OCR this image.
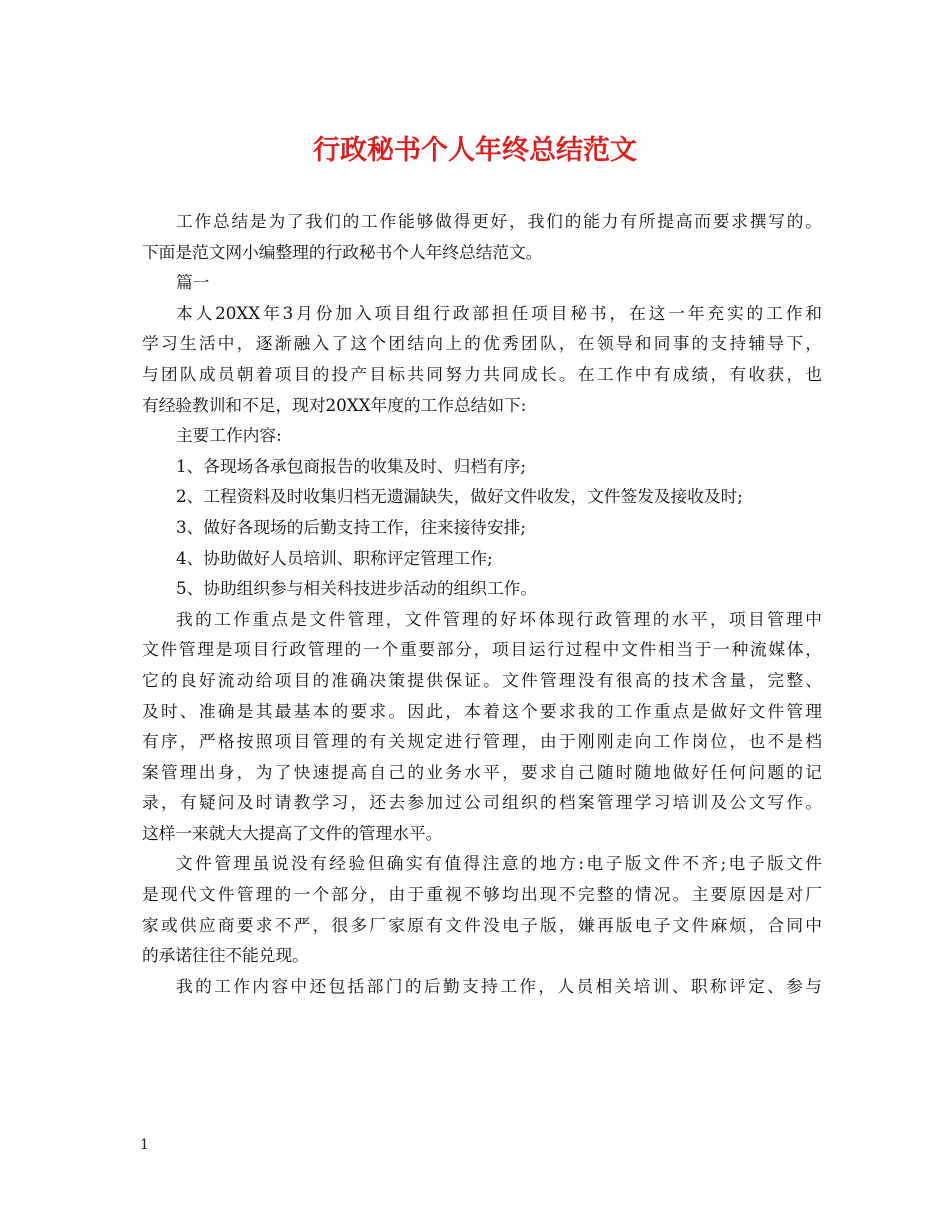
行政秘书个人年终总结范文
工作总结是为了我们的工作能够做得更好，我们的能力有所提高而要求撰写的。
下面是范文网小编整理的行政秘书个人年终总结范文。
篇一
本人20XX年3月份加入项目组行政部担任项目秘书，在这一年充实的工作和
学习生活中，逐渐融入了这个团结向上的优秀团队，在领导和同事的支持辅导下，
与团队成员朝着项目的投产目标共同努力共同成长。在工作中有成绩，有收获，也
有经验教训和不足，现对20XX年度的工作总结如下:
主要工作内容:
1、各现场各承包商报告的收集及时、归档有序;
2、工程资料及时收集归档无遗漏缺失，做好文件收发，文件签发及接收及时;
3、做好各现场的后勤支持工作，往来接待安排;
4、协助做好人员培训、职称评定管理工作;
5、协助组织参与相关科技进步活动的组织工作。
我的工作重点是文件管理，文件管理的好坏体现行政管理的水平，项目管理中
文件管理是项目行政管理的一个重要部分，项目运行过程中文件相当于一种流媒体，
它的良好流动给项目的准确决策提供保证。文件管理没有很高的技术含量，完整、
及时、准确是其最基本的要求。因此，本着这个要求我的工作重点是做好文件管理
有序，严格按照项目管理的有关规定进行管理，由于刚刚走向工作岗位，也不是档
案管理出身，为了快速提高自己的业务水平，要求自己随时随地做好任何问题的记
录，有疑问及时请教学习，还去参加过公司组织的档案管理学习培训及公文写作。
这样一来就大大提高了文件的管理水平。
文件管理虽说没有经验但确实有值得注意的地方:电子版文件不齐;电子版文件
是现代文件管理的一个部分，由于重视不够均出现不完整的情况。主要原因是对厂
家或供应商要求不严，很多厂家原有文件没电子版，嫌再版电子文件麻烦，合同中
的承诺往往不能兑现。
我的工作内容中还包括部门的后勤支持工作，人员相关培训、职称评定、参与
1
